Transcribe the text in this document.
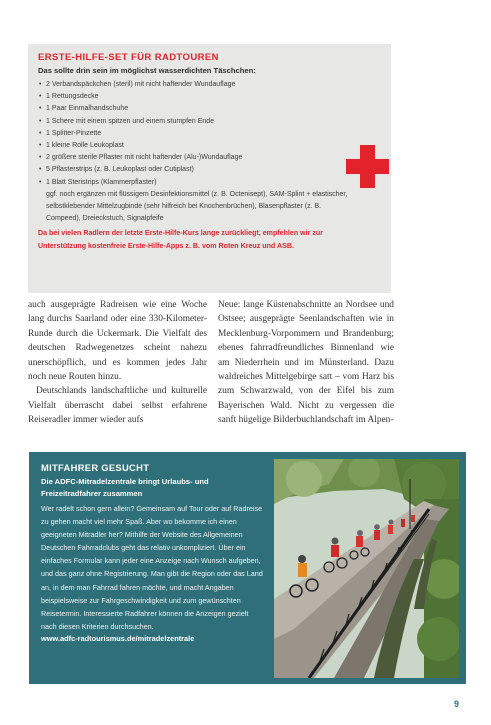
ERSTE-HILFE-SET FÜR RADTOUREN

Das sollte drin sein im möglichst wasserdichten Täschchen:

• 2 Verbandspäckchen (steril) mit nicht haftender Wundauflage
• 1 Rettungsdecke
• 1 Paar Einmalhandschuhe
• 1 Schere mit einem spitzen und einem stumpfen Ende
• 1 Splitter-Pinzette
• 1 kleine Rolle Leukoplast
• 2 größere sterile Pflaster mit nicht haftender (Alu-)Wundauflage
• 5 Pflasterstrips (z. B. Leukoplast oder Cutiplast)
• 1 Blatt Steristrips (Klammerpflaster)

ggf. noch ergänzen mit flüssigem Desinfektionsmittel (z. B. Octenisept), SAM-Splint + elastischer, selbstklebender Mittelzugbinde (sehr hilfreich bei Knochenbrüchen), Blasenpflaster (z. B. Compeed), Dreieckstuch, Signalpfeife

Da bei vielen Radlern der letzte Erste-Hilfe-Kurs lange zurückliegt, empfehlen wir zur Unterstützung kostenfreie Erste-Hilfe-Apps z. B. vom Roten Kreuz und ASB.

auch ausgeprägte Radreisen wie eine Woche lang durchs Saarland oder eine 330-Kilometer-Runde durch die Uckermark. Die Vielfalt des deutschen Radwegenetzes scheint nahezu unerschöpflich, und es kommen jedes Jahr noch neue Routen hinzu.

Deutschlands landschaftliche und kulturelle Vielfalt überrascht dabei selbst erfahrene Reiseradler immer wieder aufs

Neue: lange Küstenabschnitte an Nordsee und Ostsee; ausgeprägte Seenlandschaften wie in Mecklenburg-Vorpommern und Brandenburg; ebenes fahrradfreundliches Binnenland wie am Niederrhein und im Münsterland. Dazu waldreiches Mittelgebirge satt – vom Harz bis zum Schwarzwald, von der Eifel bis zum Bayerischen Wald. Nicht zu vergessen die sanft hügelige Bilderbuchlandschaft im Alpen-

MITFAHRER GESUCHT

Die ADFC-Mitradelzentrale bringt Urlaubs- und Freizeitradfahrer zusammen

Wer radelt schon gern allein? Gemeinsam auf Tour oder auf Radreise zu gehen macht viel mehr Spaß. Aber wo bekomme ich einen geeigneten Mitradler her? Mithilfe der Website des Allgemeinen Deutschen Fahrradclubs geht das relativ unkompliziert. Über ein einfaches Formular kann jeder eine Anzeige nach Wunsch aufgeben, und das ganz ohne Registrierung. Man gibt die Region oder das Land an, in dem man Fahrrad fahren möchte, und macht Angaben beispielsweise zur Fahrgeschwindigkeit und zum gewünschten Reisetermin. Interessierte Radfahrer können die Anzeigen gezielt nach diesen Kriterien durchsuchen.

www.adfc-radtourismus.de/mitradelzentrale

9
